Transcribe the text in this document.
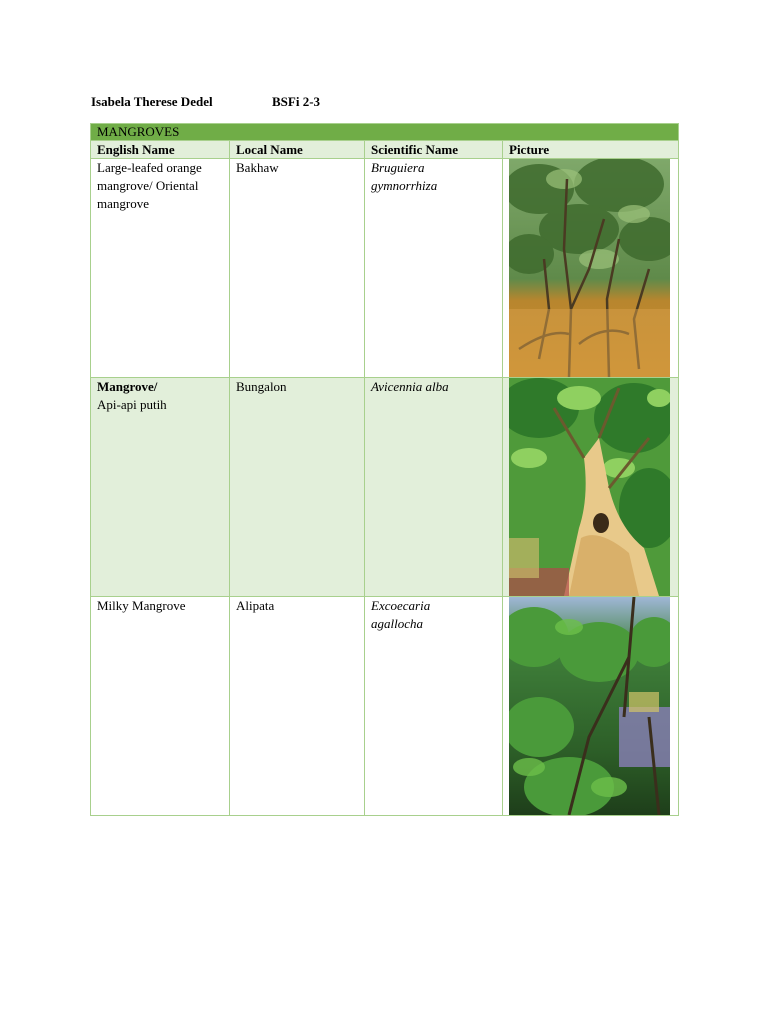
Isabela Therese Dedel	BSFi 2-3
MANGROVES			
English Name	Local Name	Scientific Name	Picture
Large-leafed orange mangrove/ Oriental mangrove	Bakhaw	Bruguiera
gymnorrhiza	

Mangrove/
Api-api putih	Bungalon	Avicennia alba	

Milky Mangrove	Alipata	Excoecaria
agallocha	
